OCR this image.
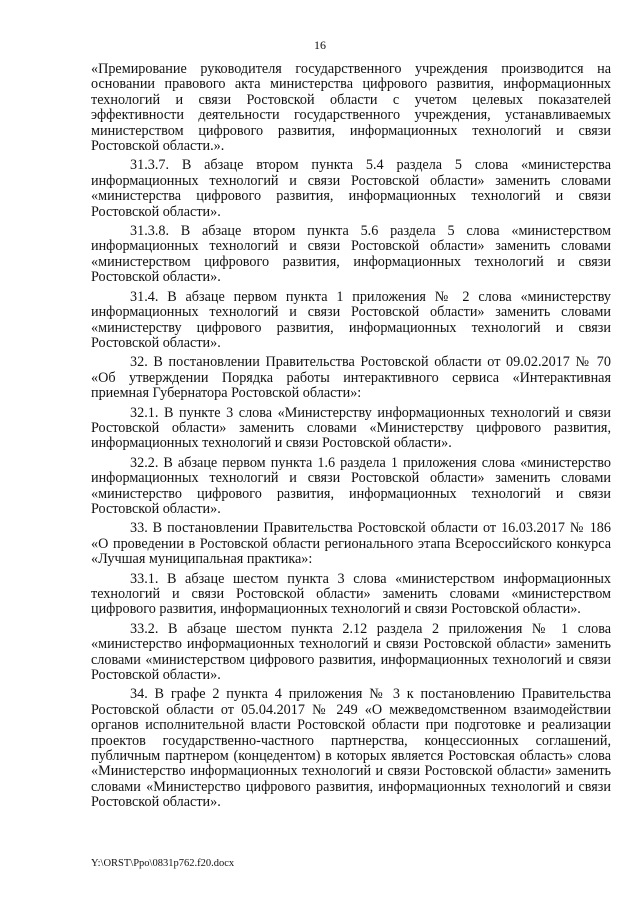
16

«Премирование руководителя государственного учреждения производится на основании правового акта министерства цифрового развития, информационных технологий и связи Ростовской области с учетом целевых показателей эффективности деятельности государственного учреждения, устанавливаемых министерством цифрового развития, информационных технологий и связи Ростовской области.».

31.3.7. В абзаце втором пункта 5.4 раздела 5 слова «министерства информационных технологий и связи Ростовской области» заменить словами «министерства цифрового развития, информационных технологий и связи Ростовской области».

31.3.8. В абзаце втором пункта 5.6 раздела 5 слова «министерством информационных технологий и связи Ростовской области» заменить словами «министерством цифрового развития, информационных технологий и связи Ростовской области».

31.4. В абзаце первом пункта 1 приложения № 2 слова «министерству информационных технологий и связи Ростовской области» заменить словами «министерству цифрового развития, информационных технологий и связи Ростовской области».

32. В постановлении Правительства Ростовской области от 09.02.2017 № 70 «Об утверждении Порядка работы интерактивного сервиса «Интерактивная приемная Губернатора Ростовской области»:

32.1. В пункте 3 слова «Министерству информационных технологий и связи Ростовской области» заменить словами «Министерству цифрового развития, информационных технологий и связи Ростовской области».

32.2. В абзаце первом пункта 1.6 раздела 1 приложения слова «министерство информационных технологий и связи Ростовской области» заменить словами «министерство цифрового развития, информационных технологий и связи Ростовской области».

33. В постановлении Правительства Ростовской области от 16.03.2017 № 186 «О проведении в Ростовской области регионального этапа Всероссийского конкурса «Лучшая муниципальная практика»:

33.1. В абзаце шестом пункта 3 слова «министерством информационных технологий и связи Ростовской области» заменить словами «министерством цифрового развития, информационных технологий и связи Ростовской области».

33.2. В абзаце шестом пункта 2.12 раздела 2 приложения № 1 слова «министерство информационных технологий и связи Ростовской области» заменить словами «министерством цифрового развития, информационных технологий и связи Ростовской области».

34. В графе 2 пункта 4 приложения № 3 к постановлению Правительства Ростовской области от 05.04.2017 № 249 «О межведомственном взаимодействии органов исполнительной власти Ростовской области при подготовке и реализации проектов государственно-частного партнерства, концессионных соглашений, публичным партнером (концедентом) в которых является Ростовская область» слова «Министерство информационных технологий и связи Ростовской области» заменить словами «Министерство цифрового развития, информационных технологий и связи Ростовской области».

Y:\ORST\Ppo\0831p762.f20.docx
